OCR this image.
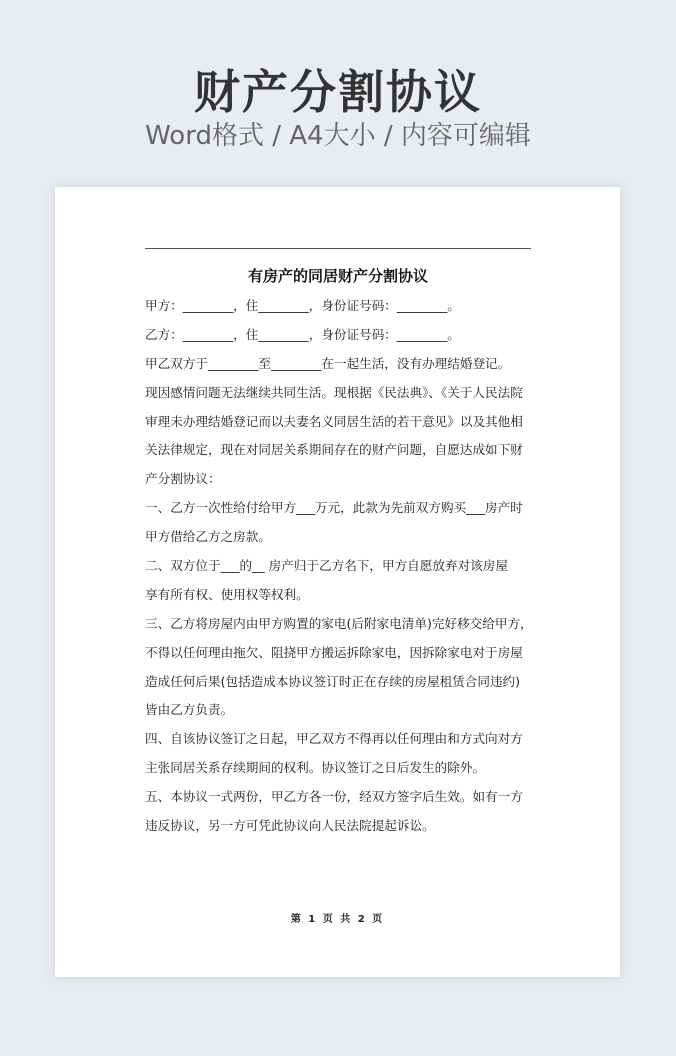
财产分割协议
Word格式 / A4大小 / 内容可编辑
有房产的同居财产分割协议
甲方：________，住________，身份证号码：________。
乙方：________，住________，身份证号码：________。
甲乙双方于________至________在一起生活，没有办理结婚登记。
现因感情问题无法继续共同生活。现根据《民法典》、《关于人民法院
审理未办理结婚登记而以夫妻名义同居生活的若干意见》以及其他相
关法律规定，现在对同居关系期间存在的财产问题，自愿达成如下财
产分割协议：
一、乙方一次性给付给甲方___万元，此款为先前双方购买___房产时
甲方借给乙方之房款。
二、双方位于___的__ 房产归于乙方名下，甲方自愿放弃对该房屋
享有所有权、使用权等权利。
三、乙方将房屋内由甲方购置的家电(后附家电清单)完好移交给甲方，
不得以任何理由拖欠、阻挠甲方搬运拆除家电，因拆除家电对于房屋
造成任何后果(包括造成本协议签订时正在存续的房屋租赁合同违约)
皆由乙方负责。
四、自该协议签订之日起，甲乙双方不得再以任何理由和方式向对方
主张同居关系存续期间的权利。协议签订之日后发生的除外。
五、本协议一式两份，甲乙方各一份，经双方签字后生效。如有一方
违反协议，另一方可凭此协议向人民法院提起诉讼。
第 1 页 共 2 页
